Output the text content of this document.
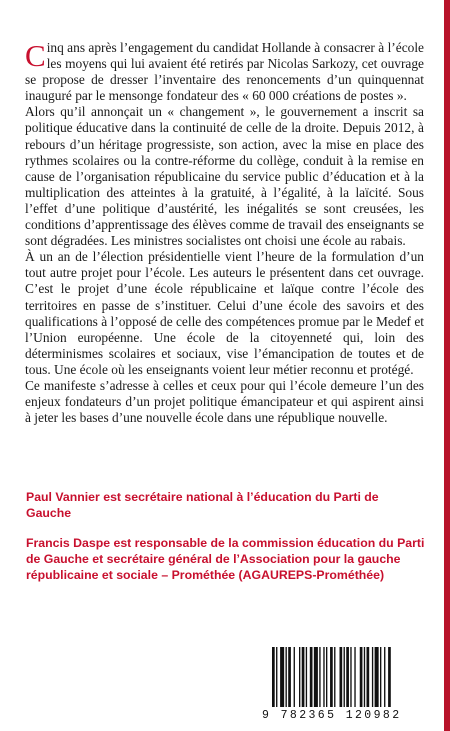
Cinq ans après l’engagement du candidat Hollande à consacrer à l’école les moyens qui lui avaient été retirés par Nicolas Sarkozy, cet ouvrage se propose de dresser l’inventaire des renoncements d’un quinquennat inauguré par le mensonge fondateur des « 60 000 créations de postes ».

Alors qu’il annonçait un « changement », le gouvernement a inscrit sa politique éducative dans la continuité de celle de la droite. Depuis 2012, à rebours d’un héritage progressiste, son action, avec la mise en place des rythmes scolaires ou la contre-réforme du collège, conduit à la remise en cause de l’organisation républicaine du service public d’éducation et à la multiplication des atteintes à la gratuité, à l’égalité, à la laïcité. Sous l’effet d’une politique d’austérité, les inégalités se sont creusées, les conditions d’apprentissage des élèves comme de travail des enseignants se sont dégradées. Les ministres socialistes ont choisi une école au rabais.

À un an de l’élection présidentielle vient l’heure de la formulation d’un tout autre projet pour l’école. Les auteurs le présentent dans cet ouvrage. C’est le projet d’une école républicaine et laïque contre l’école des territoires en passe de s’instituer. Celui d’une école des savoirs et des qualifications à l’opposé de celle des compétences promue par le Medef et l’Union européenne. Une école de la citoyenneté qui, loin des déterminismes scolaires et sociaux, vise l’émancipation de toutes et de tous. Une école où les enseignants voient leur métier reconnu et protégé.

Ce manifeste s’adresse à celles et ceux pour qui l’école demeure l’un des enjeux fondateurs d’un projet politique émancipateur et qui aspirent ainsi à jeter les bases d’une nouvelle école dans une république nouvelle.

Paul Vannier est secrétaire national à l’éducation du Parti de Gauche

Francis Daspe est responsable de la commission éducation du Parti de Gauche et secrétaire général de l’Association pour la gauche républicaine et sociale – Prométhée (AGAUREPS-Prométhée)

9 782365 120982
